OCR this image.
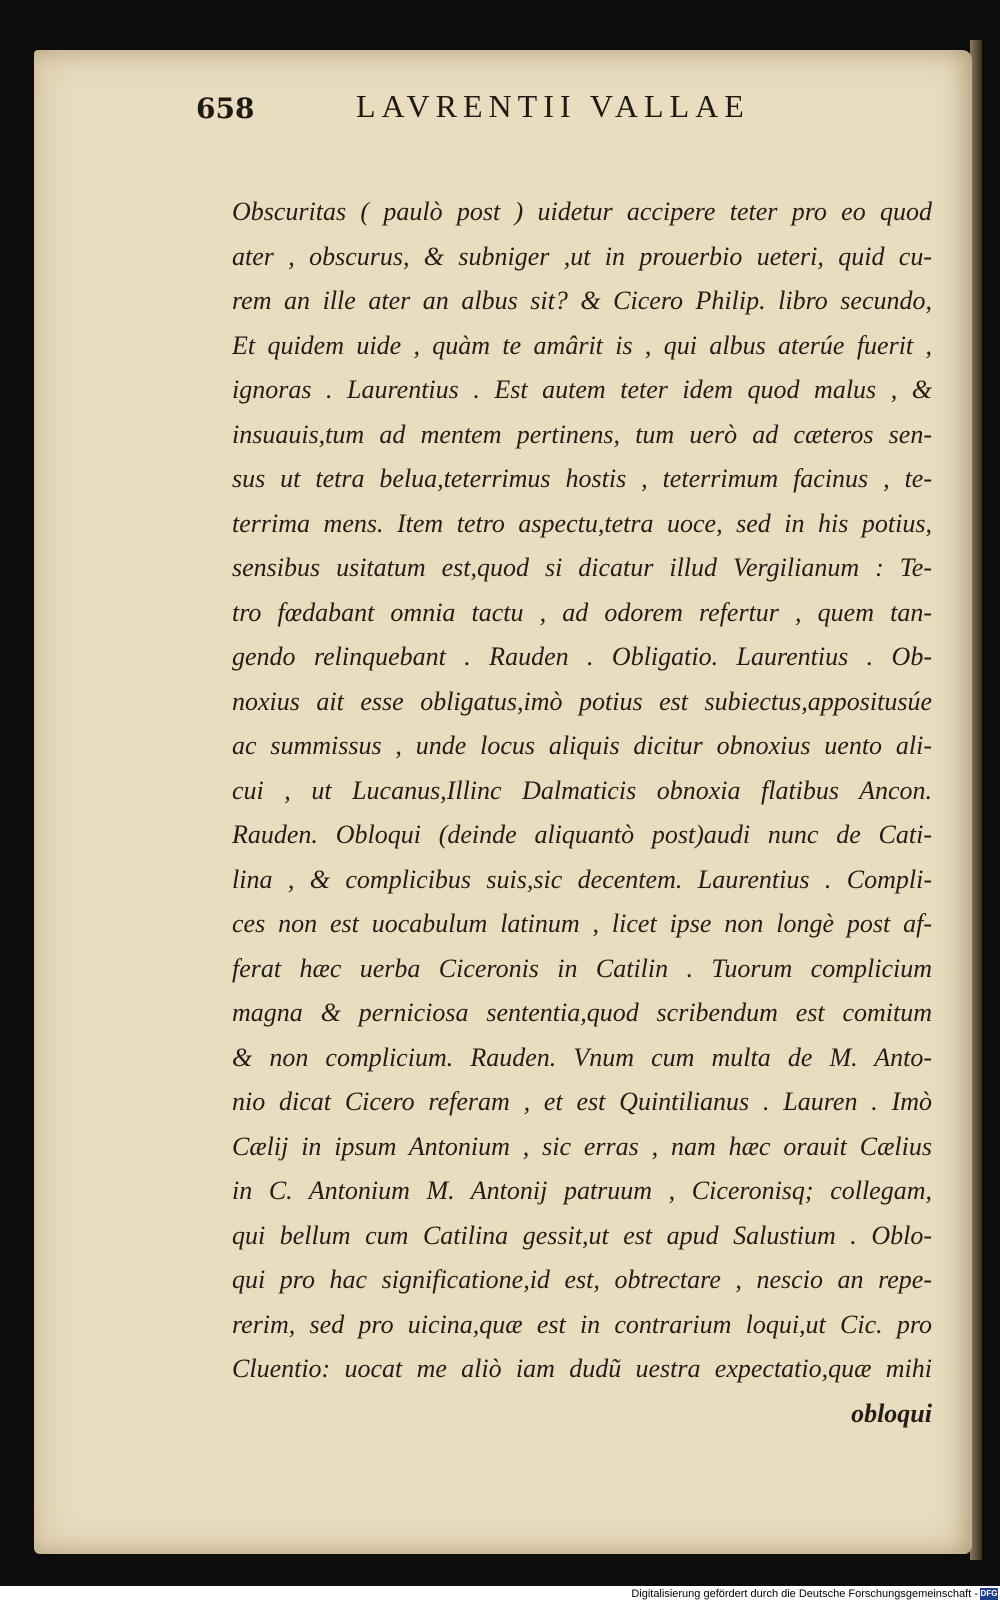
658	LAVRENTII VALLAE
Obscuritas ( paulò post ) uidetur accipere teter pro eo quod
ater , obscurus, & subniger ,ut in prouerbio ueteri, quid cu-
rem an ille ater an albus sit? & Cicero Philip. libro secundo,
Et quidem uide , quàm te amârit is , qui albus aterúe fuerit ,
ignoras . Laurentius . Est autem teter idem quod malus , &
insuauis,tum ad mentem pertinens, tum uerò ad cæteros sen-
sus ut tetra belua,teterrimus hostis , teterrimum facinus , te-
terrima mens. Item tetro aspectu,tetra uoce, sed in his potius,
sensibus usitatum est,quod si dicatur illud Vergilianum : Te-
tro fœdabant omnia tactu , ad odorem refertur , quem tan-
gendo relinquebant . Rauden . Obligatio. Laurentius . Ob-
noxius ait esse obligatus,imò potius est subiectus,appositusúe
ac summissus , unde locus aliquis dicitur obnoxius uento ali-
cui , ut Lucanus,Illinc Dalmaticis obnoxia flatibus Ancon.
Rauden. Obloqui (deinde aliquantò post)audi nunc de Cati-
lina , & complicibus suis,sic decentem. Laurentius . Compli-
ces non est uocabulum latinum , licet ipse non longè post af-
ferat hæc uerba Ciceronis in Catilin . Tuorum complicium
magna & perniciosa sententia,quod scribendum est comitum
& non complicium. Rauden. Vnum cum multa de M. Anto-
nio dicat Cicero referam , et est Quintilianus . Lauren . Imò
Cælij in ipsum Antonium , sic erras , nam hæc orauit Cælius
in C. Antonium M. Antonij patruum , Ciceronisq; collegam,
qui bellum cum Catilina gessit,ut est apud Salustium . Oblo-
qui pro hac significatione,id est, obtrectare , nescio an repe-
rerim, sed pro uicina,quæ est in contrarium loqui,ut Cic. pro
Cluentio: uocat me aliò iam dudũ uestra expectatio,quæ mihi
obloqui
Digitalisierung gefördert durch die Deutsche Forschungsgemeinschaft - DFG
